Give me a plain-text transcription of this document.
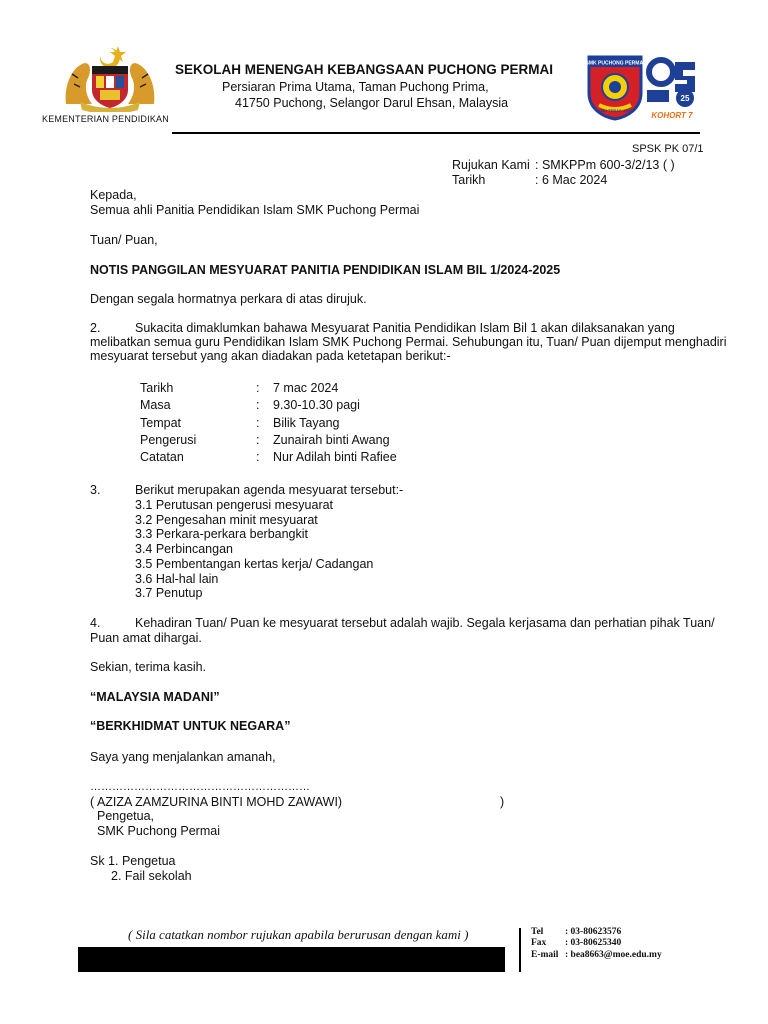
KEMENTERIAN PENDIDIKAN
SEKOLAH MENENGAH KEBANGSAAN PUCHONG PERMAI
Persiaran Prima Utama, Taman Puchong Prima,
41750 Puchong, Selangor Darul Ehsan, Malaysia
SMK PUCHONG PERMAI
ILMU TERAS JAYA
25
KOHORT 7
SPSK PK 07/1
Rujukan Kami : SMKPPm 600-3/2/13 ( )
Tarikh	: 6 Mac 2024
Kepada,
Semua ahli Panitia Pendidikan Islam SMK Puchong Permai
Tuan/ Puan,
NOTIS PANGGILAN MESYUARAT PANITIA PENDIDIKAN ISLAM BIL 1/2024-2025
Dengan segala hormatnya perkara di atas dirujuk.
2.	Sukacita dimaklumkan bahawa Mesyuarat Panitia Pendidikan Islam Bil 1 akan dilaksanakan yang
melibatkan semua guru Pendidikan Islam SMK Puchong Permai. Sehubungan itu, Tuan/ Puan dijemput menghadiri
mesyuarat tersebut yang akan diadakan pada ketetapan berikut:-
Tarikh	: 7 mac 2024
Masa	: 9.30-10.30 pagi
Tempat	: Bilik Tayang
Pengerusi	: Zunairah binti Awang
Catatan	: Nur Adilah binti Rafiee
3.	Berikut merupakan agenda mesyuarat tersebut:-
3.1 Perutusan pengerusi mesyuarat
3.2 Pengesahan minit mesyuarat
3.3 Perkara-perkara berbangkit
3.4 Perbincangan
3.5 Pembentangan kertas kerja/ Cadangan
3.6 Hal-hal lain
3.7 Penutup
4.	Kehadiran Tuan/ Puan ke mesyuarat tersebut adalah wajib. Segala kerjasama dan perhatian pihak Tuan/
Puan amat dihargai.
Sekian, terima kasih.
“MALAYSIA MADANI”
“BERKHIDMAT UNTUK NEGARA”
Saya yang menjalankan amanah,
……………………………………………………
( AZIZA ZAMZURINA BINTI MOHD ZAWAWI)	)
Pengetua,
SMK Puchong Permai
Sk 1. Pengetua
2. Fail sekolah
( Sila catatkan nombor rujukan apabila berurusan dengan kami )	Tel : 03-80623576
Fax : 03-80625340
E-mail : bea8663@moe.edu.my
